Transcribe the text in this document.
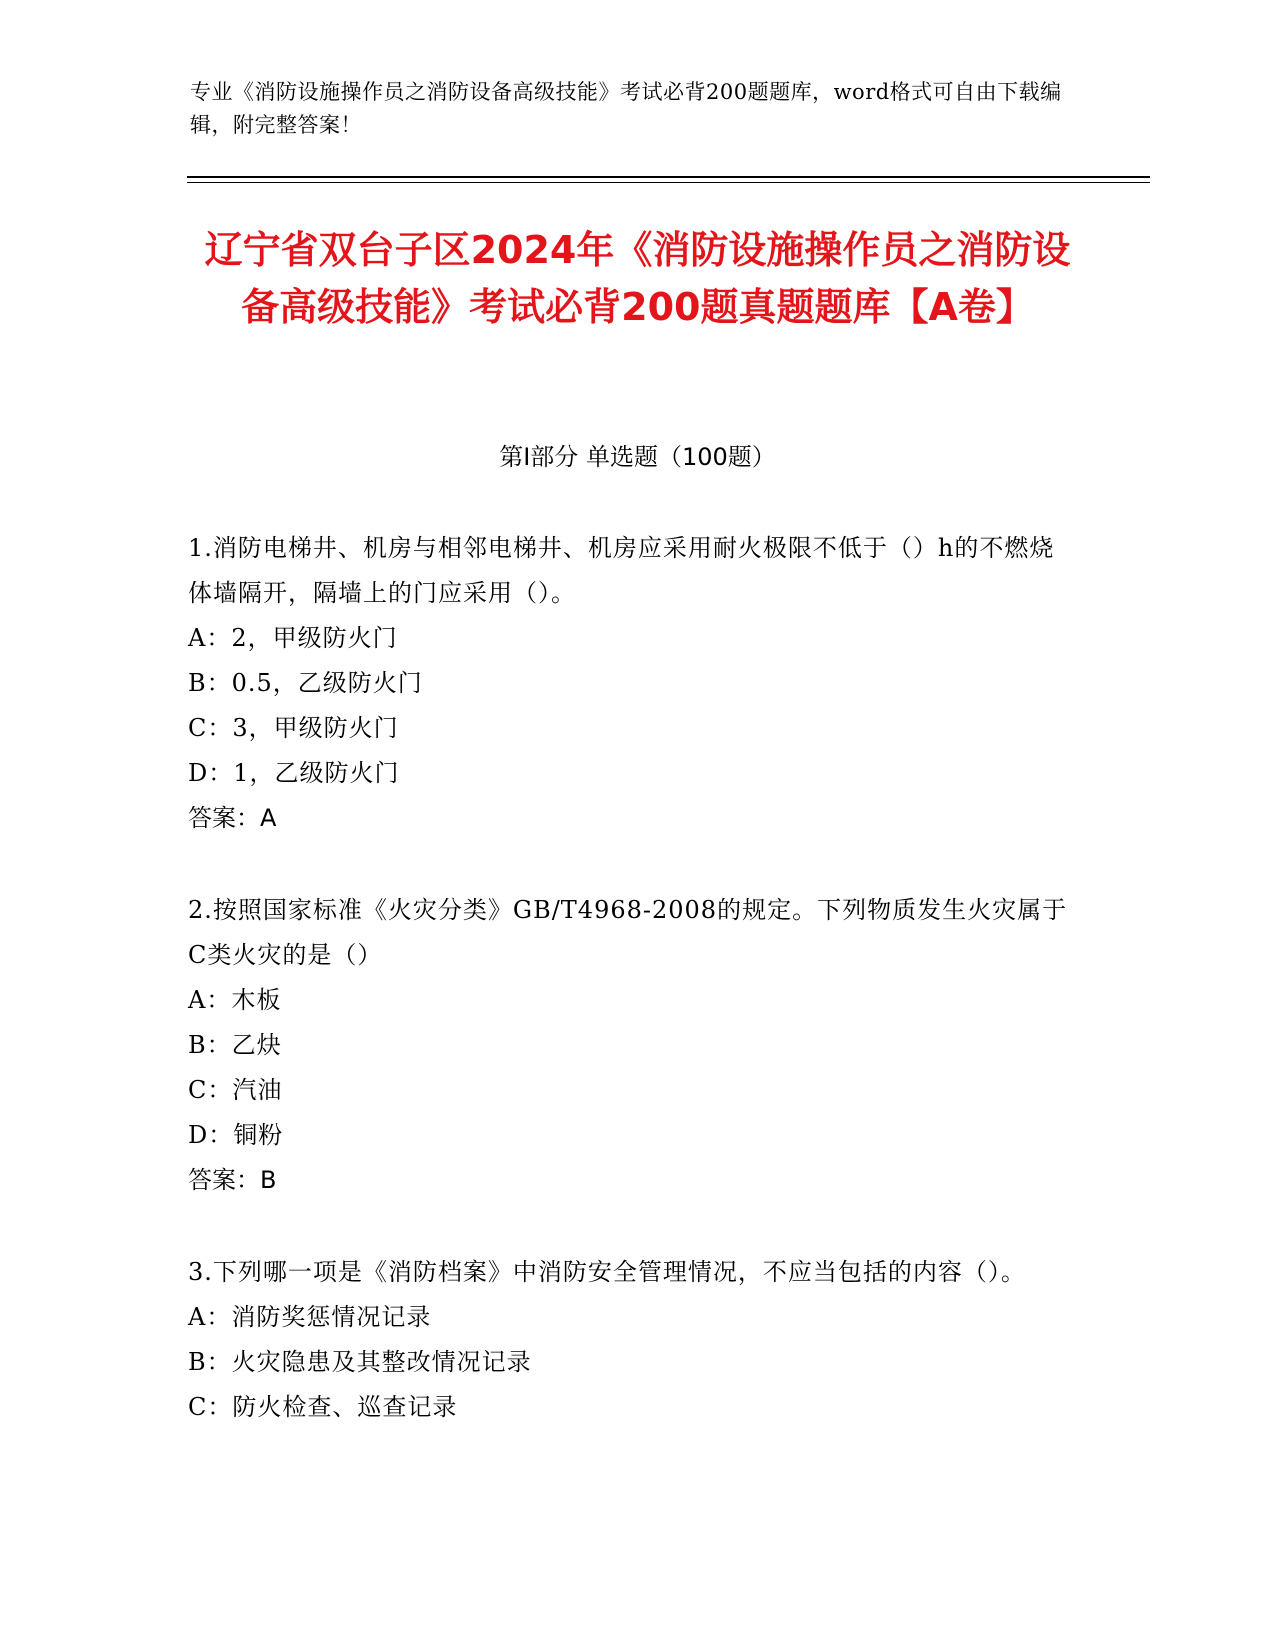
专业《消防设施操作员之消防设备高级技能》考试必背200题题库，word格式可自由下载编辑，附完整答案！
辽宁省双台子区2024年《消防设施操作员之消防设备高级技能》考试必背200题真题题库【A卷】
第I部分 单选题（100题）
1.消防电梯井、机房与相邻电梯井、机房应采用耐火极限不低于（）h的不燃烧体墙隔开，隔墙上的门应采用（）。
A：2，甲级防火门
B：0.5，乙级防火门
C：3，甲级防火门
D：1，乙级防火门
答案：A
2.按照国家标准《火灾分类》GB/T4968-2008的规定。下列物质发生火灾属于C类火灾的是（）
A：木板
B：乙炔
C：汽油
D：铜粉
答案：B
3.下列哪一项是《消防档案》中消防安全管理情况，不应当包括的内容（）。
A：消防奖惩情况记录
B：火灾隐患及其整改情况记录
C：防火检查、巡查记录
